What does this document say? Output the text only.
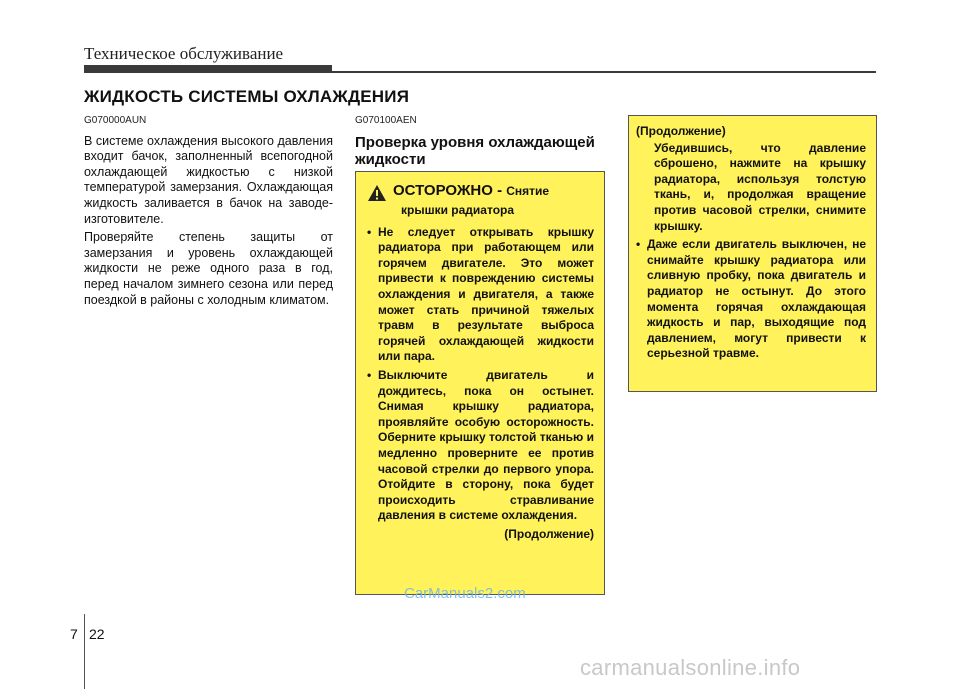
Техническое обслуживание
ЖИДКОСТЬ СИСТЕМЫ ОХЛАЖДЕНИЯ
G070000AUN

В системе охлаждения высокого давления входит бачок, заполненный всепогодной охлаждающей жидкостью с низкой температурой замерзания. Охлаждающая жидкость заливается в бачок на заводе-изготовителе.

Проверяйте степень защиты от замерзания и уровень охлаждающей жидкости не реже одного раза в год, перед началом зимнего сезона или перед поездкой в районы с холодным климатом.

G070100AEN
Проверка уровня охлаждающей жидкости
ОСТОРОЖНО - Снятие
крышки радиатора
• Не следует открывать крышку радиатора при работающем или горячем двигателе. Это может привести к повреждению системы охлаждения и двигателя, а также может стать причиной тяжелых травм в результате выброса горячей охлаждающей жидкости или пара.
• Выключите двигатель и дождитесь, пока он остынет. Снимая крышку радиатора, проявляйте особую осторожность. Оберните крышку толстой тканью и медленно проверните ее против часовой стрелки до первого упора. Отойдите в сторону, пока будет происходить стравливание давления в системе охлаждения.
(Продолжение)
(Продолжение)
Убедившись, что давление сброшено, нажмите на крышку радиатора, используя толстую ткань, и, продолжая вращение против часовой стрелки, снимите крышку.
• Даже если двигатель выключен, не снимайте крышку радиатора или сливную пробку, пока двигатель и радиатор не остынут. До этого момента горячая охлаждающая жидкость и пар, выходящие под давлением, могут привести к серьезной травме.
CarManuals2.com
carmanualsonline.info
7 22
